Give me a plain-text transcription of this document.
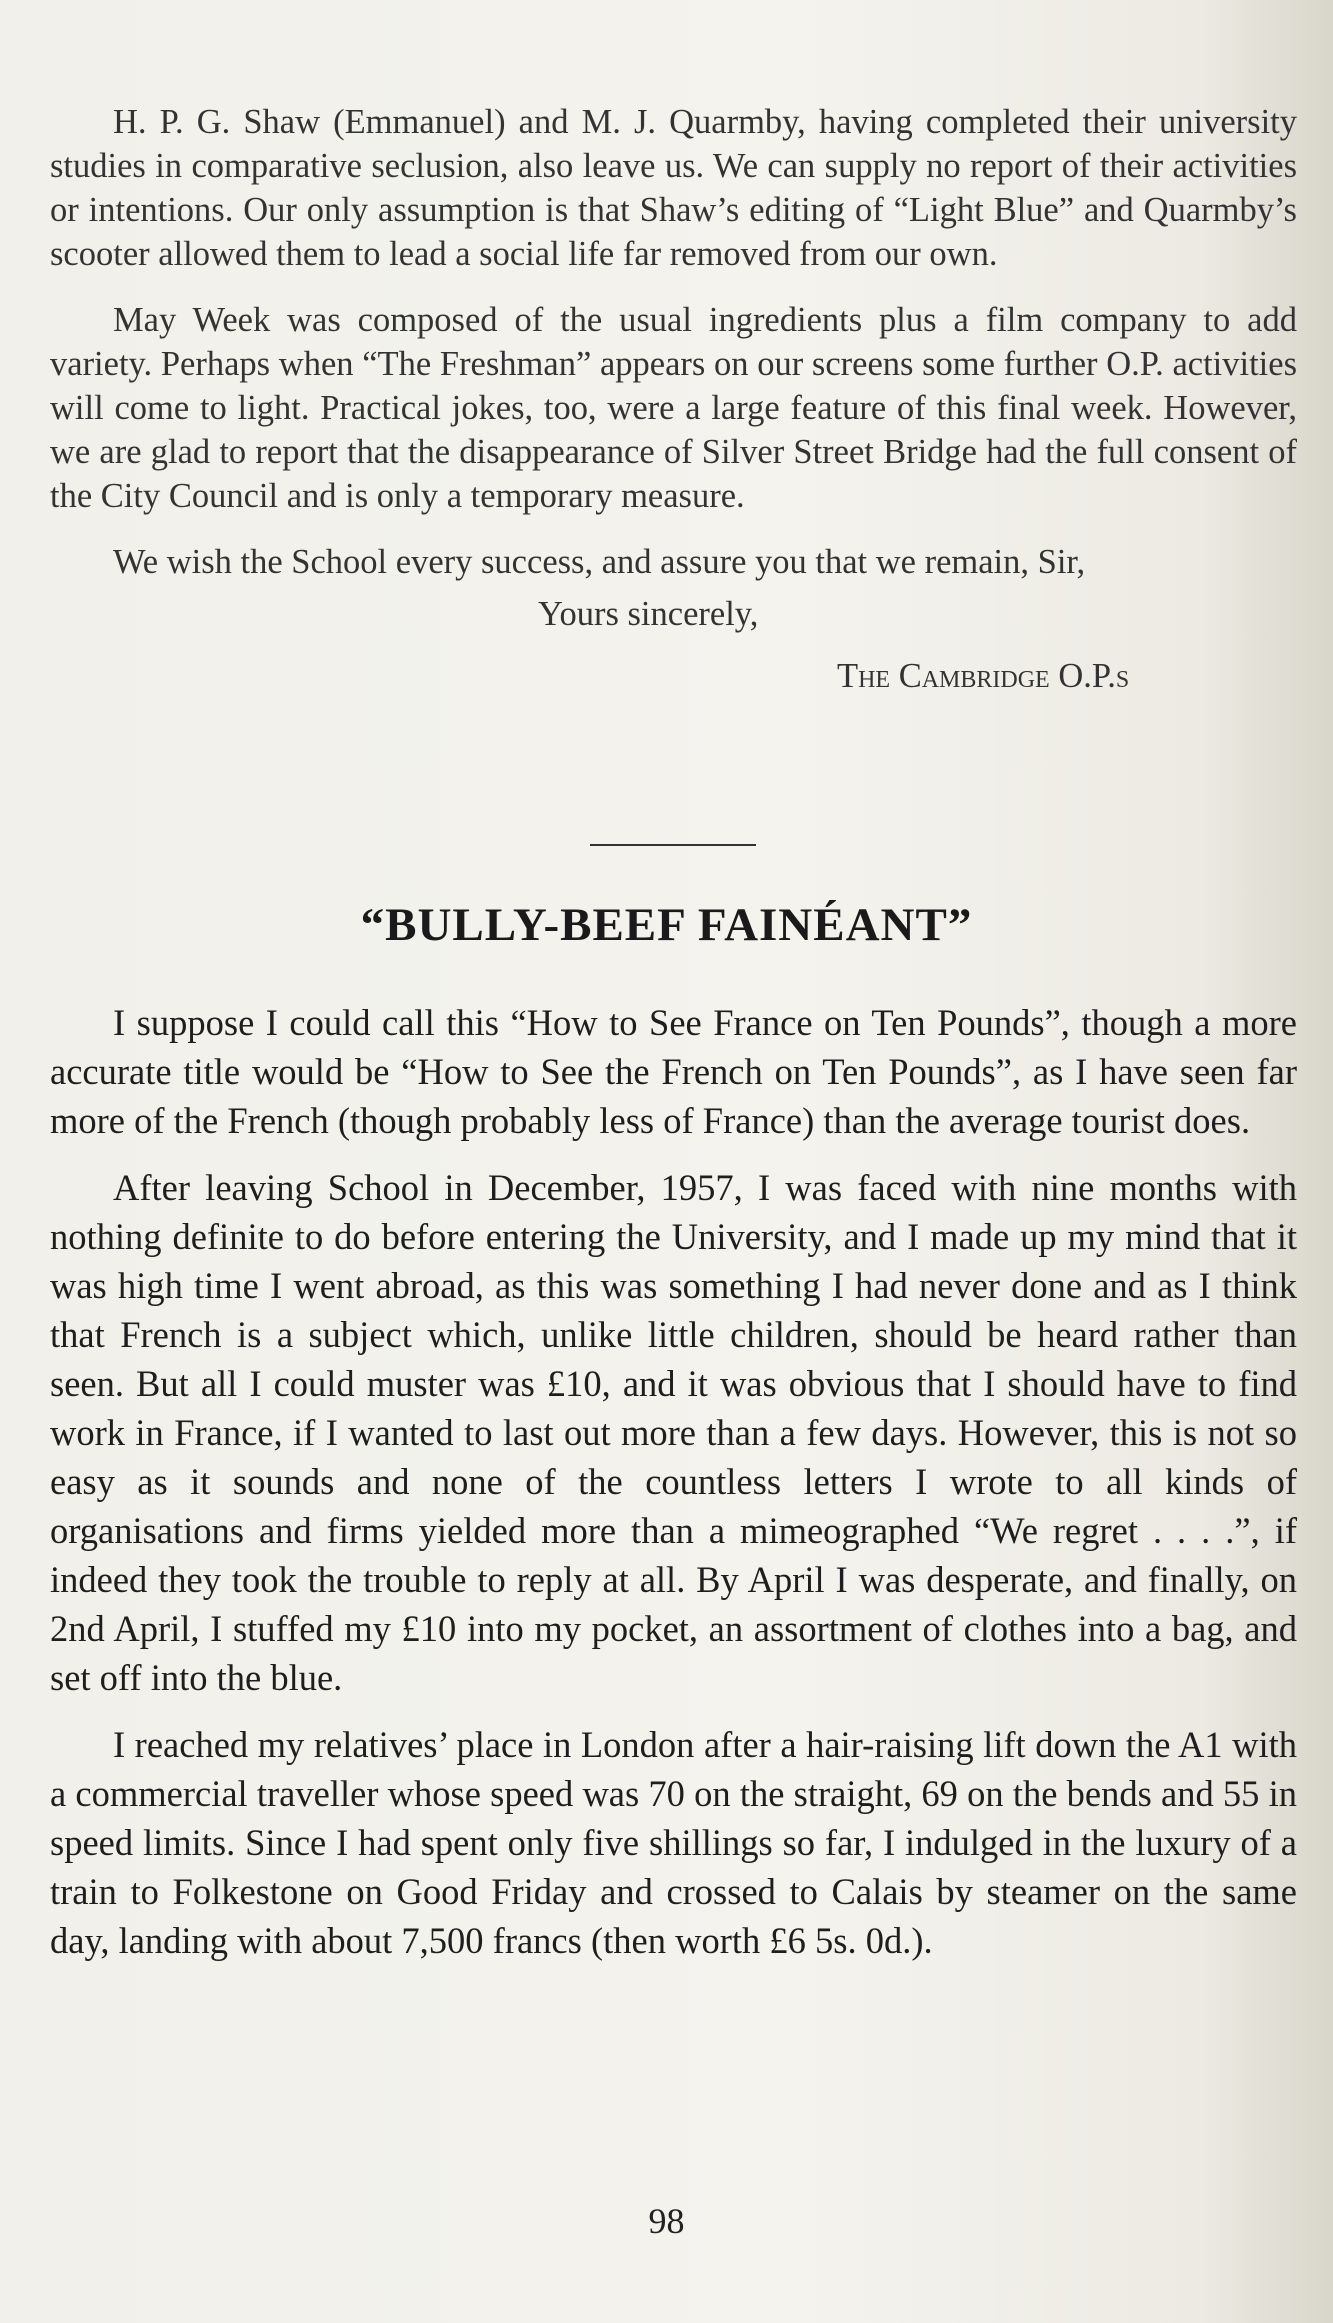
H. P. G. Shaw (Emmanuel) and M. J. Quarmby, having completed their university studies in comparative seclusion, also leave us. We can supply no report of their activities or intentions. Our only assumption is that Shaw’s editing of “Light Blue” and Quarmby’s scooter allowed them to lead a social life far removed from our own.

May Week was composed of the usual ingredients plus a film company to add variety. Perhaps when “The Freshman” appears on our screens some further O.P. activities will come to light. Practical jokes, too, were a large feature of this final week. However, we are glad to report that the disappearance of Silver Street Bridge had the full consent of the City Council and is only a temporary measure.

We wish the School every success, and assure you that we remain, Sir,

Yours sincerely,
The Cambridge O.P.s
“BULLY-BEEF FAINÉANT”

I suppose I could call this “How to See France on Ten Pounds”, though a more accurate title would be “How to See the French on Ten Pounds”, as I have seen far more of the French (though probably less of France) than the average tourist does.

After leaving School in December, 1957, I was faced with nine months with nothing definite to do before entering the University, and I made up my mind that it was high time I went abroad, as this was something I had never done and as I think that French is a subject which, unlike little children, should be heard rather than seen. But all I could muster was £10, and it was obvious that I should have to find work in France, if I wanted to last out more than a few days. However, this is not so easy as it sounds and none of the countless letters I wrote to all kinds of organisations and firms yielded more than a mimeographed “We regret . . . .”, if indeed they took the trouble to reply at all. By April I was desperate, and finally, on 2nd April, I stuffed my £10 into my pocket, an assortment of clothes into a bag, and set off into the blue.

I reached my relatives’ place in London after a hair-raising lift down the A1 with a commercial traveller whose speed was 70 on the straight, 69 on the bends and 55 in speed limits. Since I had spent only five shillings so far, I indulged in the luxury of a train to Folkestone on Good Friday and crossed to Calais by steamer on the same day, landing with about 7,500 francs (then worth £6 5s. 0d.).

98
